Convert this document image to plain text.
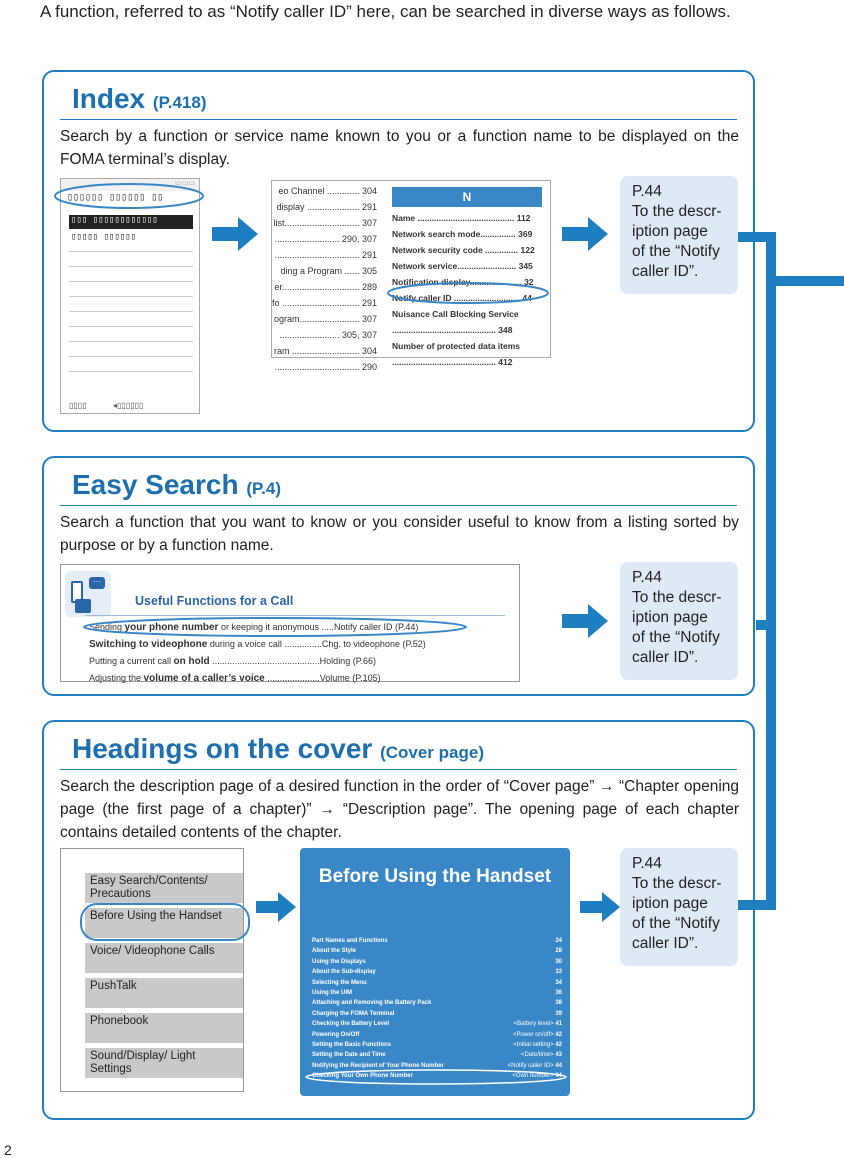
A function, referred to as “Notify caller ID” here, can be searched in diverse ways as follows.
Index (P.418)
Search by a function or service name known to you or a function name to be displayed on the FOMA terminal’s display.
▭▭▭
▯▯▯▯▯▯ ▯▯▯▯▯▯ ▯▯
▯▯▯ ▯▯▯▯▯▯▯▯▯▯▯▯
▯▯▯▯▯ ▯▯▯▯▯▯
▯▯▯▯	◂▯▯▯▯▯▯
eo Channel ............. 304
display ..................... 291
list.............................. 307
.......................... 290, 307
.................................. 291
ding a Program ...... 305
er............................... 289
fo ............................... 291
ogram........................ 307
........................ 305, 307
ram ........................... 304
.................................. 290
N
Name ......................................... 112
Network search mode............... 369
Network security code .............. 122
Network service......................... 345
Notification display...................... 32
Notify caller ID ............................ 44
Nuisance Call Blocking Service
............................................ 348
Number of protected data items
............................................ 412
P.44
To the descr-
iption page
of the “Notify
caller ID”.
Easy Search (P.4)
Search a function that you want to know or you consider useful to know from a listing sorted by purpose or by a function name.
···
Useful Functions for a Call
Sending your phone number or keeping it anonymous .....Notify caller ID (P.44)
Switching to videophone during a voice call ...............Chg. to videophone (P.52)
Putting a current call on hold ...........................................Holding (P.66)
Adjusting the volume of a caller’s voice .....................Volume (P.105)
P.44
To the descr-
iption page
of the “Notify
caller ID”.
Headings on the cover (Cover page)
Search the description page of a desired function in the order of “Cover page” → “Chapter opening page (the first page of a chapter)” → “Description page”. The opening page of each chapter contains detailed contents of the chapter.
Easy Search/Contents/ Precautions
Before Using the Handset
Voice/ Videophone Calls
PushTalk
Phonebook
Sound/Display/ Light Settings
Before Using the Handset
Part Names and Functions	24
About the Style	28
Using the Displays	30
About the Sub-display	33
Selecting the Menu	34
Using the UIM	36
Attaching and Removing the Battery Pack	38
Charging the FOMA Terminal	39
Checking the Battery Level	<Battery level> 41
Powering On/Off	<Power on/off> 42
Setting the Basic Functions	<Initial setting> 42
Setting the Date and Time	<Date/time> 43
Notifying the Recipient of Your Phone Number	<Notify caller ID> 44
Checking Your Own Phone Number	<Own number> 44
P.44
To the descr-
iption page
of the “Notify
caller ID”.
2
